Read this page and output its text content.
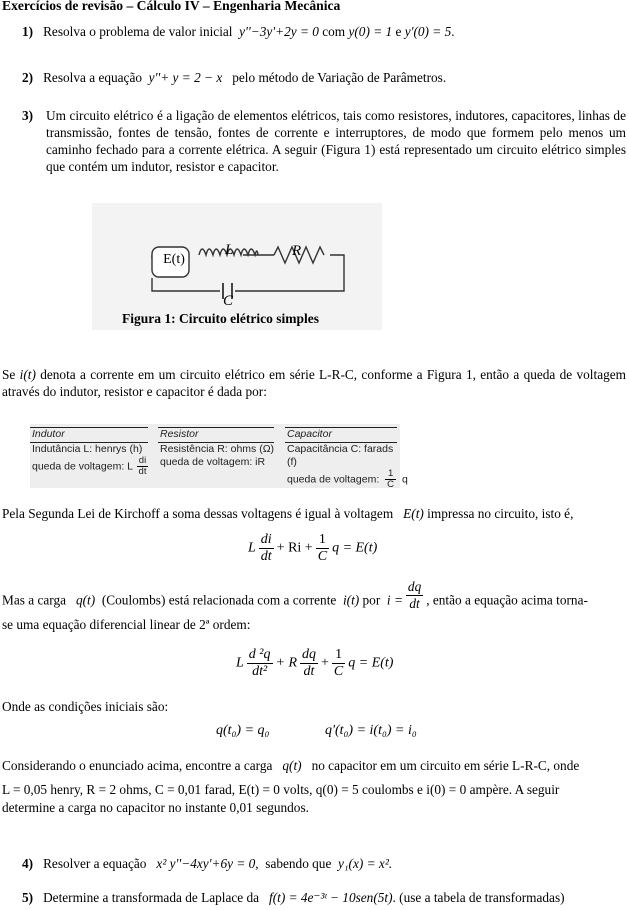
Exercícios de revisão – Cálculo IV – Engenharia Mecânica
1) Resolva o problema de valor inicial y''−3y'+2y = 0 com y(0) = 1 e y'(0) = 5.
2) Resolva a equação y''+ y = 2 − x pelo método de Variação de Parâmetros.
3) Um circuito elétrico é a ligação de elementos elétricos, tais como resistores, indutores, capacitores, linhas de transmissão, fontes de tensão, fontes de corrente e interruptores, de modo que formem pelo menos um caminho fechado para a corrente elétrica. A seguir (Figura 1) está representado um circuito elétrico simples que contém um indutor, resistor e capacitor.
E(t)
L	R
C
Figura 1: Circuito elétrico simples
Se i(t) denota a corrente em um circuito elétrico em série L-R-C, conforme a Figura 1, então a queda de voltagem através do indutor, resistor e capacitor é dada por:
Indutor
Indutância L: henrys (h)
queda de voltagem: L $\frac{di}{dt}$
Resistor
Resistência R: ohms (Ω)
queda de voltagem: iR
Capacitor
Capacitância C: farads (f)
queda de voltagem: $\frac{1}{C}$ q
Pela Segunda Lei de Kirchoff a soma dessas voltagens é igual à voltagem E(t) impressa no circuito, isto é,
L $\frac{di}{dt} + Ri + \frac{1}{C}$ q = E(t)
Mas a carga q(t) (Coulombs) está relacionada com a corrente i(t) por $i = \frac{dq}{dt}$ , então a equação acima torna-
se uma equação diferencial linear de 2ª ordem:
L $\frac{\text{d ²q}}{\text{dt²}} + R \frac{dq}{dt} + \frac{1}{C}$ q = E(t)
Onde as condições iniciais são:
q(t₀) = q₀	q'(t₀) = i(t₀) = i₀
Considerando o enunciado acima, encontre a carga q(t) no capacitor em um circuito em série L-R-C, onde
L = 0,05 henry, R = 2 ohms, C = 0,01 farad, E(t) = 0 volts, q(0) = 5 coulombs e i(0) = 0 ampère. A seguir
determine a carga no capacitor no instante 0,01 segundos.
4) Resolver a equação x² y''−4xy'+6y = 0, sabendo que y₁(x) = x².
5) Determine a transformada de Laplace da f(t) = 4e⁻³ᵗ − 10sen(5t). (use a tabela de transformadas)
